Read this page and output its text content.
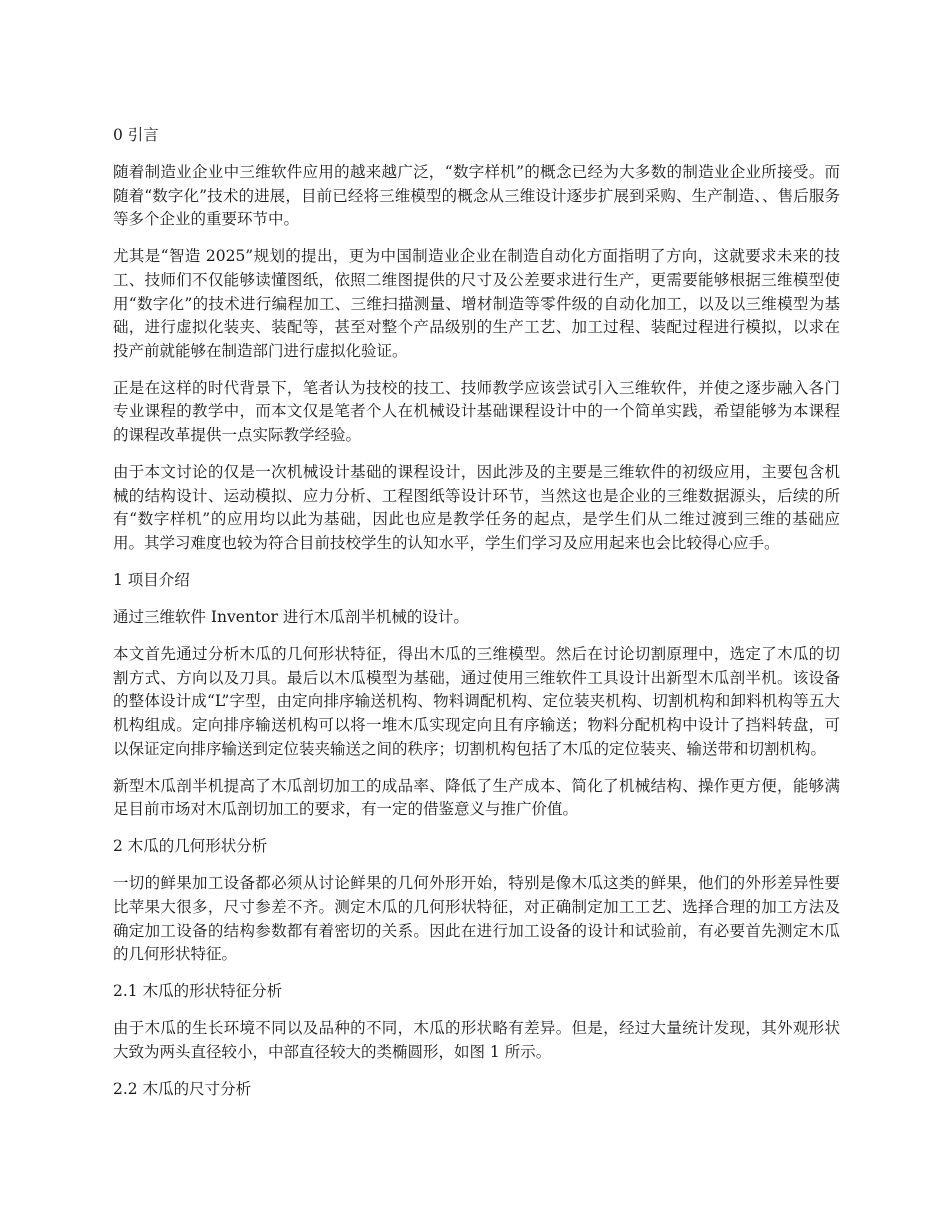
0 引言

随着制造业企业中三维软件应用的越来越广泛，“数字样机”的概念已经为大多数的制造业企业所接受。而随着“数字化”技术的进展，目前已经将三维模型的概念从三维设计逐步扩展到采购、生产制造、、售后服务等多个企业的重要环节中。

尤其是“智造 2025”规划的提出，更为中国制造业企业在制造自动化方面指明了方向，这就要求未来的技工、技师们不仅能够读懂图纸，依照二维图提供的尺寸及公差要求进行生产，更需要能够根据三维模型使用“数字化”的技术进行编程加工、三维扫描测量、增材制造等零件级的自动化加工，以及以三维模型为基础，进行虚拟化装夹、装配等，甚至对整个产品级别的生产工艺、加工过程、装配过程进行模拟，以求在投产前就能够在制造部门进行虚拟化验证。

正是在这样的时代背景下，笔者认为技校的技工、技师教学应该尝试引入三维软件，并使之逐步融入各门专业课程的教学中，而本文仅是笔者个人在机械设计基础课程设计中的一个简单实践，希望能够为本课程的课程改革提供一点实际教学经验。

由于本文讨论的仅是一次机械设计基础的课程设计，因此涉及的主要是三维软件的初级应用，主要包含机械的结构设计、运动模拟、应力分析、工程图纸等设计环节，当然这也是企业的三维数据源头，后续的所有“数字样机”的应用均以此为基础，因此也应是教学任务的起点，是学生们从二维过渡到三维的基础应用。其学习难度也较为符合目前技校学生的认知水平，学生们学习及应用起来也会比较得心应手。

1 项目介绍

通过三维软件 Inventor 进行木瓜剖半机械的设计。

本文首先通过分析木瓜的几何形状特征，得出木瓜的三维模型。然后在讨论切割原理中，选定了木瓜的切割方式、方向以及刀具。最后以木瓜模型为基础，通过使用三维软件工具设计出新型木瓜剖半机。该设备的整体设计成“L”字型，由定向排序输送机构、物料调配机构、定位装夹机构、切割机构和卸料机构等五大机构组成。定向排序输送机构可以将一堆木瓜实现定向且有序输送；物料分配机构中设计了挡料转盘，可以保证定向排序输送到定位装夹输送之间的秩序；切割机构包括了木瓜的定位装夹、输送带和切割机构。

新型木瓜剖半机提高了木瓜剖切加工的成品率、降低了生产成本、简化了机械结构、操作更方便，能够满足目前市场对木瓜剖切加工的要求，有一定的借鉴意义与推广价值。

2 木瓜的几何形状分析

一切的鲜果加工设备都必须从讨论鲜果的几何外形开始，特别是像木瓜这类的鲜果，他们的外形差异性要比苹果大很多，尺寸参差不齐。测定木瓜的几何形状特征，对正确制定加工工艺、选择合理的加工方法及确定加工设备的结构参数都有着密切的关系。因此在进行加工设备的设计和试验前，有必要首先测定木瓜的几何形状特征。

2.1 木瓜的形状特征分析

由于木瓜的生长环境不同以及品种的不同，木瓜的形状略有差异。但是，经过大量统计发现，其外观形状大致为两头直径较小，中部直径较大的类椭圆形，如图 1 所示。

2.2 木瓜的尺寸分析
